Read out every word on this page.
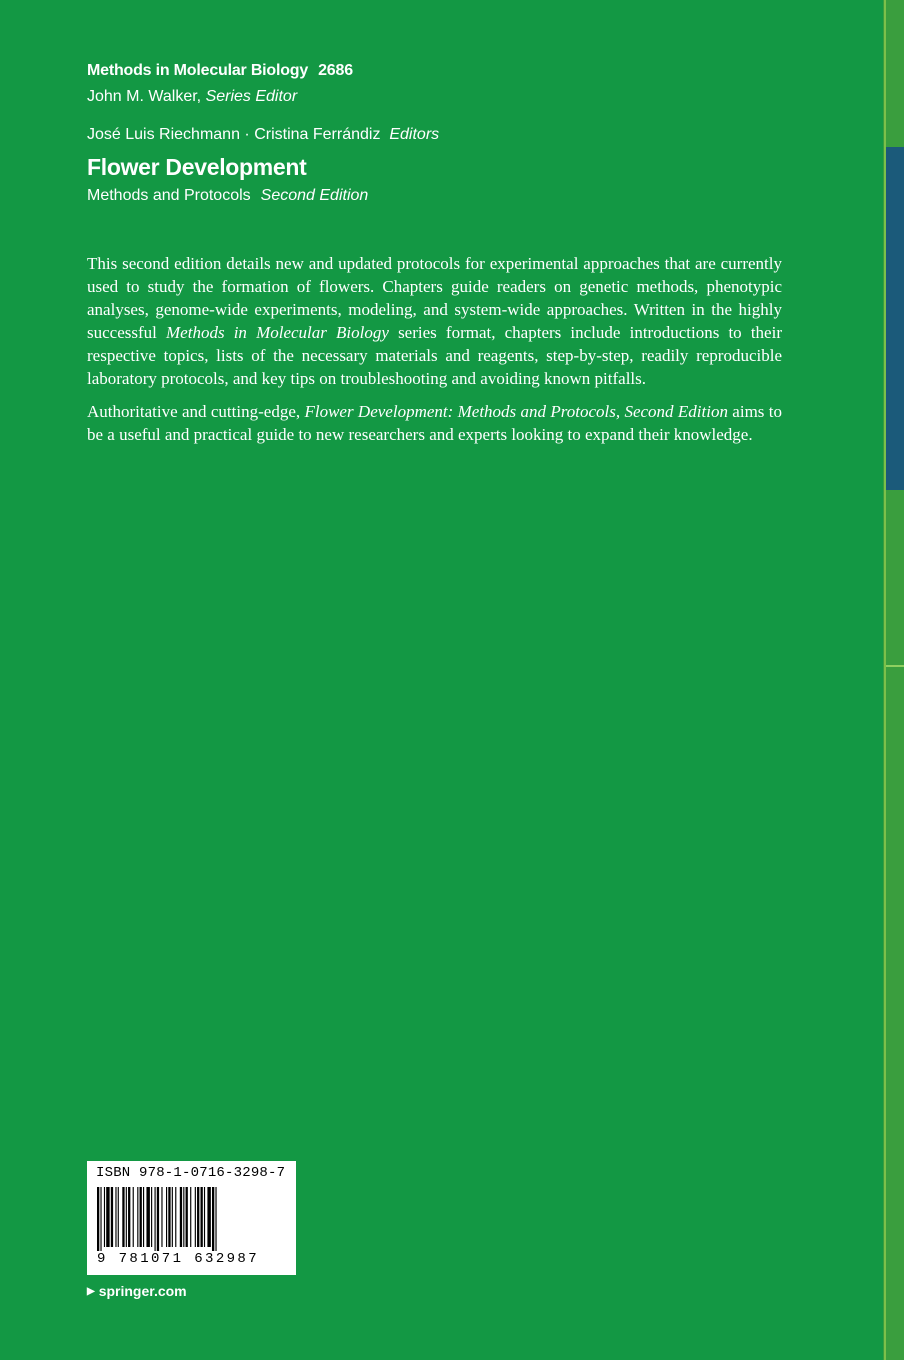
Methods in Molecular Biology 2686
John M. Walker, Series Editor
José Luis Riechmann · Cristina Ferrándiz Editors
Flower Development
Methods and Protocols Second Edition

This second edition details new and updated protocols for experimental approaches that are currently used to study the formation of flowers. Chapters guide readers on genetic methods, phenotypic analyses, genome-wide experiments, modeling, and system-wide approaches. Written in the highly successful Methods in Molecular Biology series format, chapters include introductions to their respective topics, lists of the necessary materials and reagents, step-by-step, readily reproducible laboratory protocols, and key tips on troubleshooting and avoiding known pitfalls.

Authoritative and cutting-edge, Flower Development: Methods and Protocols, Second Edition aims to be a useful and practical guide to new researchers and experts looking to expand their knowledge.

ISBN 978-1-0716-3298-7
9 781071 632987
▶ springer.com
